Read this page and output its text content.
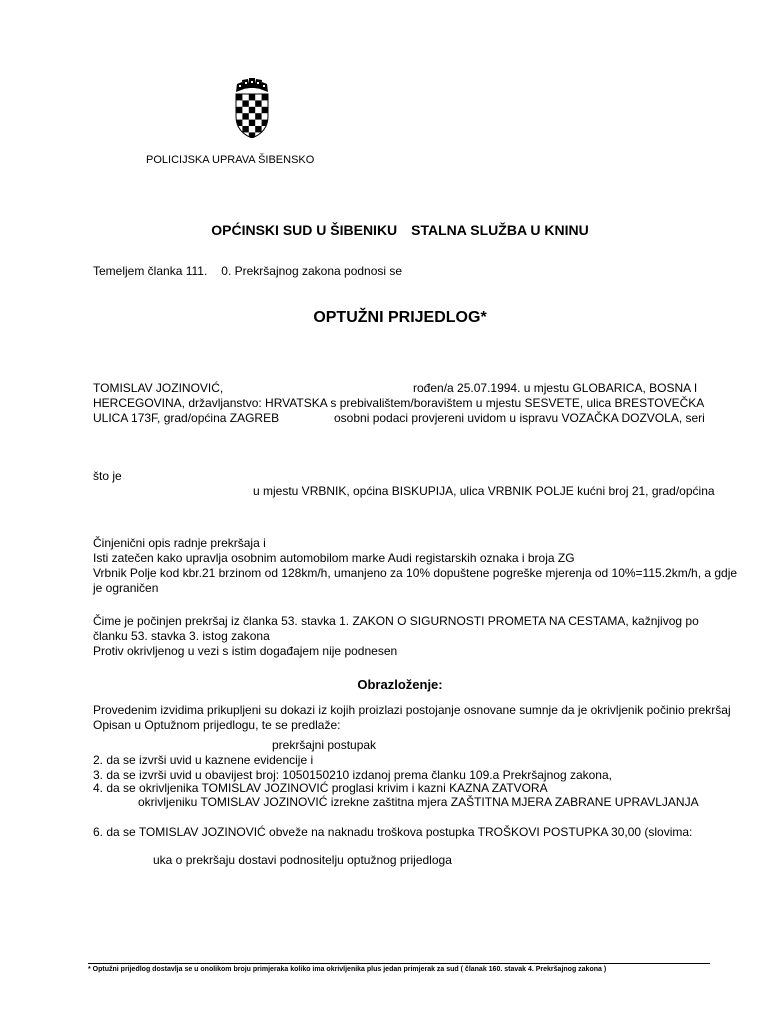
POLICIJSKA UPRAVA ŠIBENSKO
OPĆINSKI SUD U ŠIBENIKU STALNA SLUŽBA U KNINU
Temeljem članka 111. 0. Prekršajnog zakona podnosi se
OPTUŽNI PRIJEDLOG*
TOMISLAV JOZINOVIĆ,	rođen/a 25.07.1994. u mjestu GLOBARICA, BOSNA I
HERCEGOVINA, državljanstvo: HRVATSKA s prebivalištem/boravištem u mjestu SESVETE, ulica BRESTOVEČKA
ULICA 173F, grad/općina ZAGREB	osobni podaci provjereni uvidom u ispravu VOZAČKA DOZVOLA, seri
što je
u mjestu VRBNIK, općina BISKUPIJA, ulica VRBNIK POLJE kućni broj 21, grad/općina
Činjenični opis radnje prekršaja i
Isti zatečen kako upravlja osobnim automobilom marke Audi registarskih oznaka i broja ZG
Vrbnik Polje kod kbr.21 brzinom od 128km/h, umanjeno za 10% dopuštene pogreške mjerenja od 10%=115.2km/h, a gdje
je ograničen
Čime je počinjen prekršaj iz članka 53. stavka 1. ZAKON O SIGURNOSTI PROMETA NA CESTAMA, kažnjivog po
članku 53. stavka 3. istog zakona
Protiv okrivljenog u vezi s istim događajem nije podnesen
Obrazloženje:
Provedenim izvidima prikupljeni su dokazi iz kojih proizlazi postojanje osnovane sumnje da je okrivljenik počinio prekršaj
Opisan u Optužnom prijedlogu, te se predlaže:
prekršajni postupak
2. da se izvrši uvid u kaznene evidencije i
3. da se izvrši uvid u obavijest broj: 1050150210 izdanoj prema članku 109.a Prekršajnog zakona,
4. da se okrivljenika TOMISLAV JOZINOVIĆ proglasi krivim i kazni KAZNA ZATVORA
okrivljeniku TOMISLAV JOZINOVIĆ izrekne zaštitna mjera ZAŠTITNA MJERA ZABRANE UPRAVLJANJA
6. da se TOMISLAV JOZINOVIĆ obveže na naknadu troškova postupka TROŠKOVI POSTUPKA 30,00 (slovima:
uka o prekršaju dostavi podnositelju optužnog prijedloga
* Optužni prijedlog dostavlja se u onolikom broju primjeraka koliko ima okrivljenika plus jedan primjerak za sud ( članak 160. stavak 4. Prekršajnog zakona )
